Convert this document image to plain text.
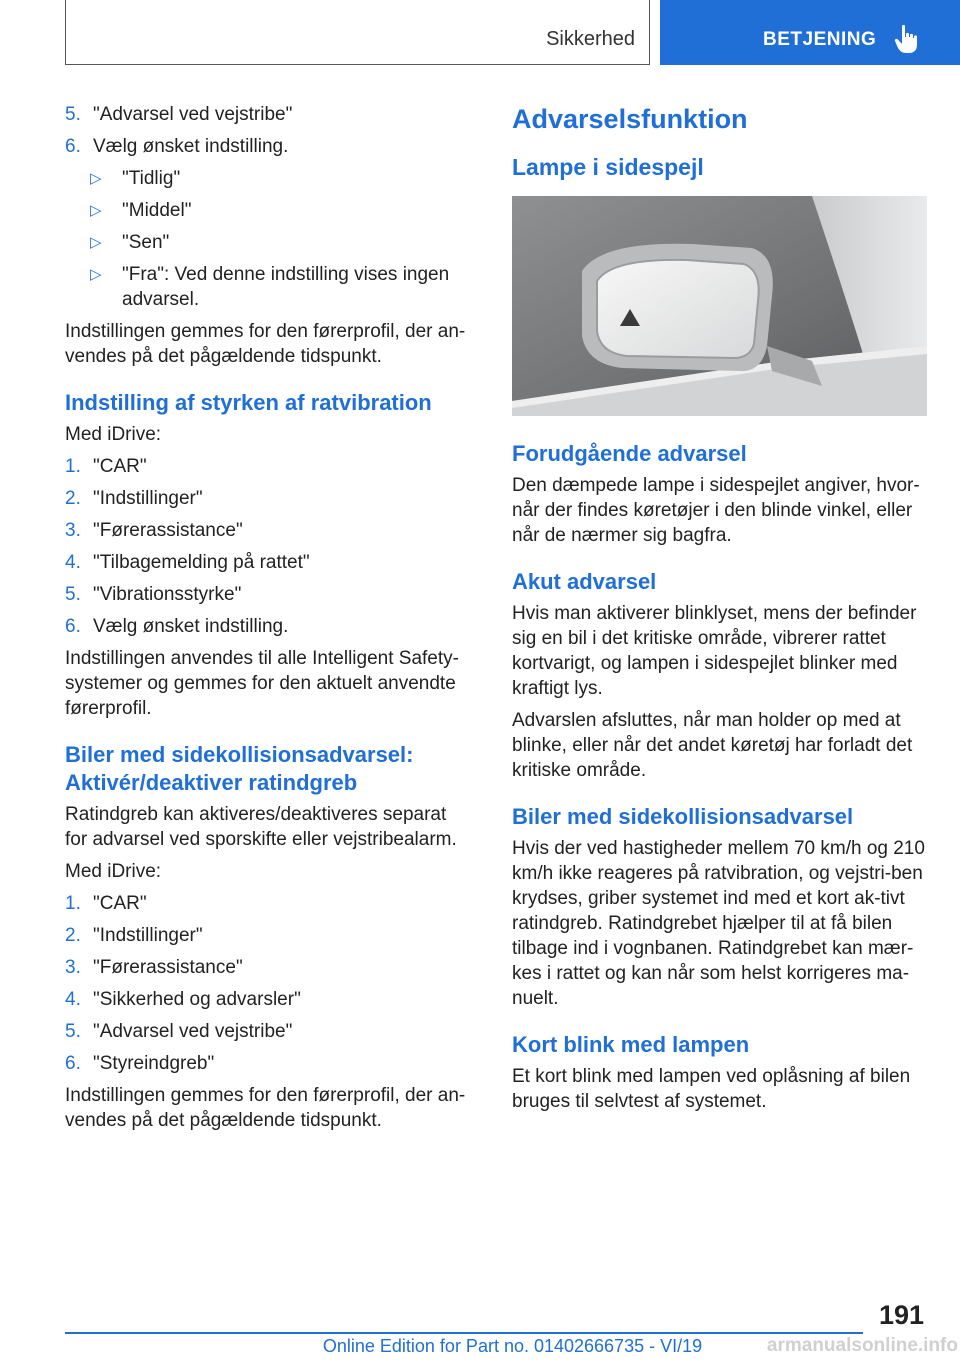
Sikkerhed	BETJENING
5. "Advarsel ved vejstribe"
6. Vælg ønsket indstilling.
▷ "Tidlig"
▷ "Middel"
▷ "Sen"
▷ "Fra": Ved denne indstilling vises ingen advarsel.

Indstillingen gemmes for den førerprofil, der an-vendes på det pågældende tidspunkt.

Indstilling af styrken af ratvibration

Med iDrive:

1. "CAR"
2. "Indstillinger"
3. "Førerassistance"
4. "Tilbagemelding på rattet"
5. "Vibrationsstyrke"
6. Vælg ønsket indstilling.

Indstillingen anvendes til alle Intelligent Safety-systemer og gemmes for den aktuelt anvendte førerprofil.

Biler med sidekollisionsadvarsel: Aktivér/deaktiver ratindgreb

Ratindgreb kan aktiveres/deaktiveres separat for advarsel ved sporskifte eller vejstribealarm.

Med iDrive:

1. "CAR"
2. "Indstillinger"
3. "Førerassistance"
4. "Sikkerhed og advarsler"
5. "Advarsel ved vejstribe"
6. "Styreindgreb"

Indstillingen gemmes for den førerprofil, der an-vendes på det pågældende tidspunkt.

Advarselsfunktion
Lampe i sidespejl
Forudgående advarsel

Den dæmpede lampe i sidespejlet angiver, hvor-når der findes køretøjer i den blinde vinkel, eller når de nærmer sig bagfra.

Akut advarsel

Hvis man aktiverer blinklyset, mens der befinder sig en bil i det kritiske område, vibrerer rattet kortvarigt, og lampen i sidespejlet blinker med kraftigt lys.

Advarslen afsluttes, når man holder op med at blinke, eller når det andet køretøj har forladt det kritiske område.

Biler med sidekollisionsadvarsel

Hvis der ved hastigheder mellem 70 km/h og 210 km/h ikke reageres på ratvibration, og vejstri-ben krydses, griber systemet ind med et kort ak-tivt ratindgreb. Ratindgrebet hjælper til at få bilen tilbage ind i vognbanen. Ratindgrebet kan mær-kes i rattet og kan når som helst korrigeres ma-nuelt.

Kort blink med lampen

Et kort blink med lampen ved oplåsning af bilen bruges til selvtest af systemet.

191
Online Edition for Part no. 01402666735 - VI/19	armanualsonline.info
